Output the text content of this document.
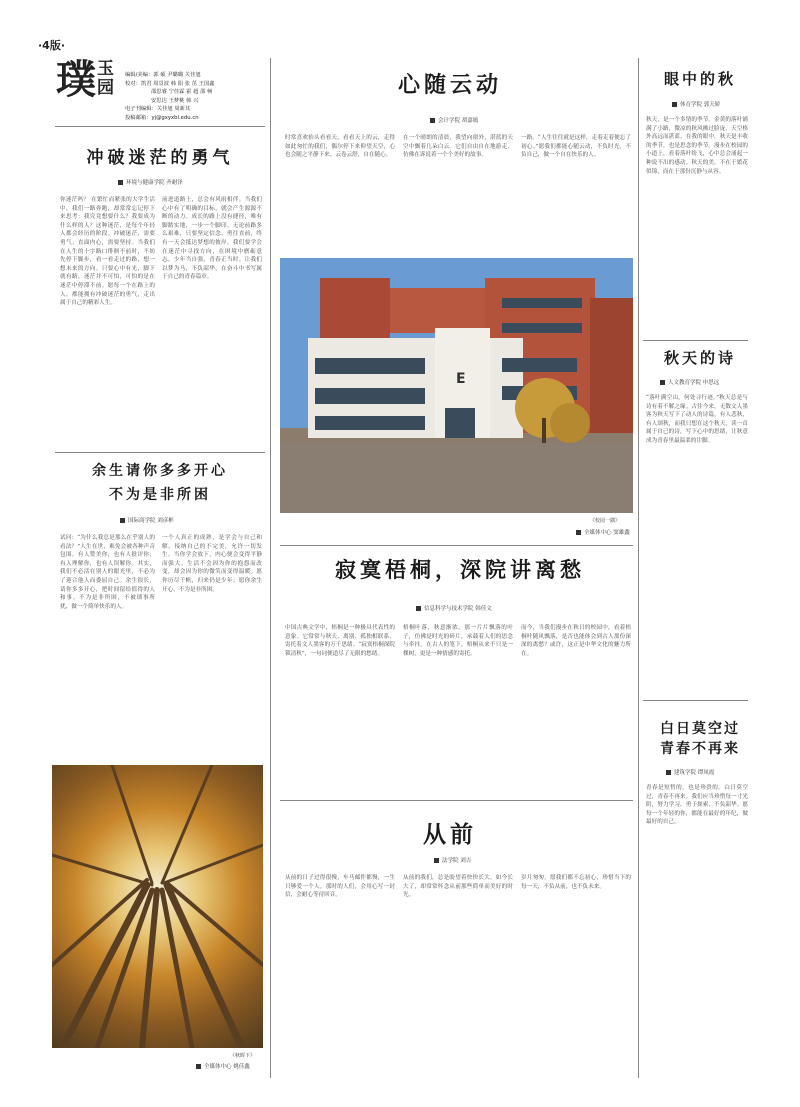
·4版·
璞 玉
园
编辑/美编：郭 硕 尹璐璐 关佳旭
校对：凯君 周景波 韩 阳 张 茁 王国鑫
邵思睿 宁佳霖 霍 超 邵 畅
安思达 王梦桃 韩 兴
电子刊编辑：关佳旭 周新其
投稿邮箱：yj@gxyxbl.edu.cn
冲破迷茫的勇气
环境与健康学院 齐耐泽
你迷茫吗？ 在繁忙而紧张的大学生活中，我们一路奔跑，却常常忘记停下来思考：我究竟想要什么？我要成为什么样的人？这种迷茫，是每个年轻人都会经历的阶段。冲破迷茫，需要勇气；直面内心，需要坚持。当我们在人生的十字路口徘徊不前时，不妨先停下脚步，看一看走过的路，想一想未来的方向。只要心中有光，脚下就有路。迷茫并不可怕，可怕的是在迷茫中停滞不前。愿每一个在路上的人，都能拥有冲破迷茫的勇气，走出属于自己的精彩人生。
前进道路上，总会有风雨相伴。当我们心中有了明确的目标，就会产生源源不断的动力。成长的路上没有捷径，唯有脚踏实地，一步一个脚印。无论前路多么艰难，只要坚定信念、勇往直前，终有一天会抵达梦想的彼岸。我们要学会在迷茫中寻找方向，在困境中磨砺意志。少年当自强，青春正当时。让我们以梦为马，不负韶华，在奋斗中书写属于自己的青春篇章。
余生请你多多开心
不为是非所困
国际商学院 刘彦彬
试问：“为什么我总是那么在乎别人的看法？”人生在世，难免会被各种声音包围。有人赞美你，也有人批评你；有人理解你，也有人误解你。其实，我们不必活在别人的眼光里，不必为了迎合他人而委屈自己。余生很长，请你多多开心，把时间留给值得的人和事。不为是非所困，不被琐事所扰，做一个简单快乐的人。
一个人真正的成熟，是学会与自己和解。接纳自己的不完美，允许一切发生。当你学会放下，内心便会变得平静而强大。生活不会因为你的抱怨而改变，却会因为你的微笑而变得温暖。愿你历尽千帆，归来仍是少年；愿你余生开心，不为是非所困。
《秋晖下》
全媒体中心 姚佳鑫
心随云动
会计学院 胡嘉嫣
时常喜欢抬头看看天，看看天上的云，走得如此匆忙的我们，偶尔停下来仰望天空，心也会随之平静下来。云卷云舒，自在随心。
在一个晴朗的清晨，我望向窗外，湛蓝的天空中飘着几朵白云。它们自由自在地游走，仿佛在诉说着一个个美好的故事。
一路。“人生往往就是这样，走着走着便忘了初心。”愿我们都能心随云动，不负时光，不负自己，做一个自在快乐的人。
E
《校园一隅》
全媒体中心 窦雄鑫
寂寞梧桐，深院讲离愁
信息科学与技术学院 韩佳文
中国古典文学中，梧桐是一种极具代表性的意象。它常常与秋天、离别、孤独相联系，寄托着文人墨客的万千思绪。“寂寞梧桐深院锁清秋”，一句词便道尽了无限的愁绪。
梧桐叶落，秋意渐浓。那一片片飘落的叶子，仿佛是时光的碎片，承载着人们的思念与牵挂。在古人的笔下，梧桐从来不只是一棵树，更是一种情感的寄托。
而今，当我们漫步在秋日的校园中，看着梧桐叶随风飘落，是否也能体会到古人那份深深的离愁？或许，这正是中华文化的魅力所在。
从前
法学院 刘吉
从前的日子过得很慢，车马邮件都慢，一生只够爱一个人。那时的人们，会用心写一封信，会耐心等待回音。
从前的我们，总是盼望着快快长大。如今长大了，却常常怀念从前那些简单而美好的时光。
岁月匆匆，愿我们都不忘初心，珍惜当下的每一天，不负从前，也不负未来。
眼中的秋
体育学院 郭天娇
秋天，是一个多情的季节。金黄的落叶铺满了小路，微凉的秋风拂过脸庞，天空格外高远而湛蓝。在我的眼中，秋天是丰收的季节，也是思念的季节。漫步在校园的小道上，看着落叶纷飞，心中总会涌起一种说不出的感动。秋天的美，不在于繁花似锦，而在于那份沉静与从容。
秋天的诗
人文教育学院 申思远
“落叶满空山，何处寻行迹。”秋天总是与诗有着不解之缘。古往今来，无数文人墨客为秋天写下了动人的诗篇。有人悲秋，有人颂秋，而我只想在这个秋天，读一首属于自己的诗，写下心中的思绪，让秋意成为青春里最温柔的注脚。
白日莫空过
青春不再来
建筑学院 谭凤霞
青春是短暂的，也是珍贵的。白日莫空过，青春不再来。我们应当珍惜每一寸光阴，努力学习，勇于探索，不负韶华。愿每一个年轻的你，都能在最好的年纪，做最好的自己。
